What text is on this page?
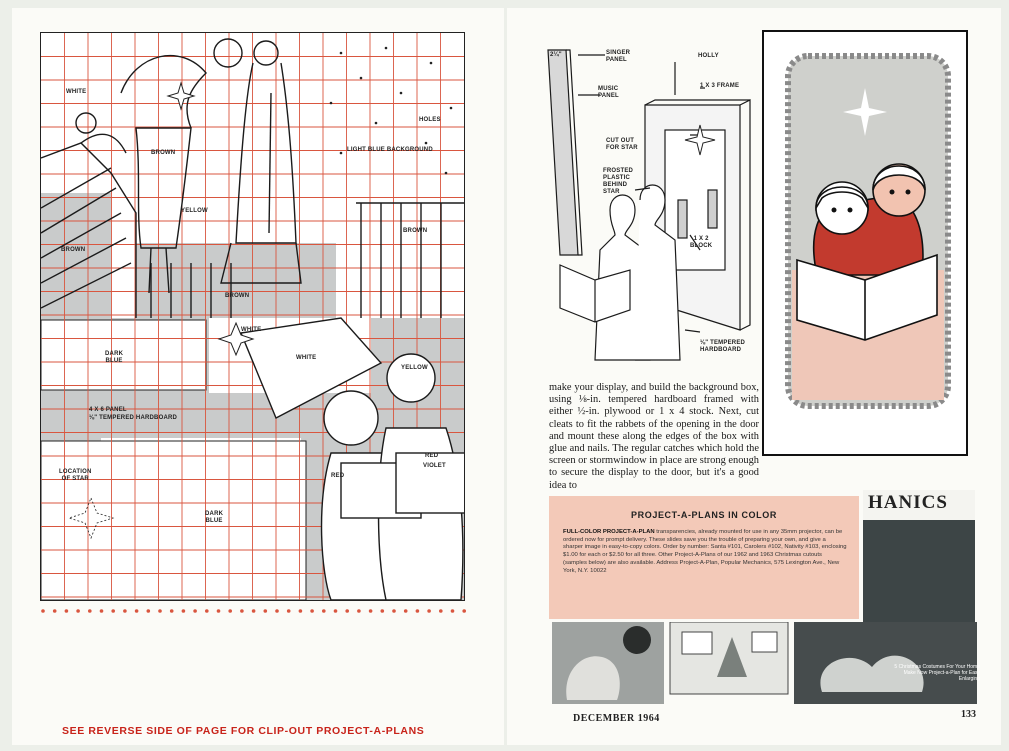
WHITE
BROWN
YELLOW
HOLES
LIGHT BLUE BACKGROUND
BROWN
BROWN
BROWN
WHITE
WHITE
YELLOW
DARK
BLUE
4 X 6 PANEL
⅛" TEMPERED HARDBOARD
LOCATION
OF STAR
DARK
BLUE
RED
RED
VIOLET
SEE REVERSE SIDE OF PAGE FOR CLIP-OUT PROJECT-A-PLANS
2¼"	SINGER
PANEL
MUSIC
PANEL
HOLLY
1 X 3 FRAME
CUT OUT
FOR STAR
FROSTED
PLASTIC
BEHIND
STAR
1 X 2
BLOCK
⅛" TEMPERED
HARDBOARD
make your display, and build the background box, using ⅛-in. tempered hardboard framed with either ½-in. plywood or 1 x 4 stock. Next, cut cleats to fit the rabbets of the opening in the door and mount these along the edges of the box with glue and nails. The regular catches which hold the screen or stormwindow in place are strong enough to secure the display to the door, but it's a good idea to
PROJECT-A-PLANS IN COLOR
FULL-COLOR PROJECT-A-PLAN transparencies, already mounted for use in any 35mm projector, can be ordered now for prompt delivery. These slides save you the trouble of preparing your own, and give a sharper image in easy-to-copy colors. Order by number: Santa #101, Carolers #102, Nativity #103, enclosing $1.00 for each or $2.50 for all three. Other Project-A-Plans of our 1962 and 1963 Christmas cutouts (samples below) are also available. Address Project-A-Plan, Popular Mechanics, 575 Lexington Ave., New York, N.Y. 10022
HANICS
5 Christmas Costumes For Your Home Make Now Project-a-Plan for Easy Enlarging
DECEMBER 1964	133
